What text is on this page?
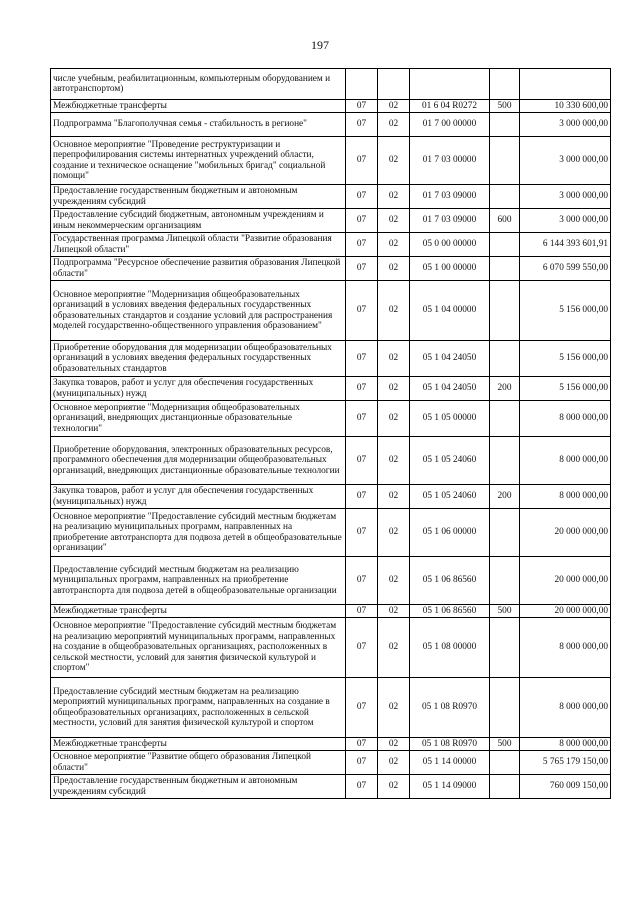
197
числе учебным, реабилитационным, компьютерным оборудованием и автотранспортом)					
Межбюджетные трансферты	07	02	01 6 04 R0272	500	10 330 600,00
Подпрограмма "Благополучная семья - стабильность в регионе"	07	02	01 7 00 00000		3 000 000,00
Основное мероприятие "Проведение реструктуризации и перепрофилирования системы интернатных учреждений области, создание и техническое оснащение "мобильных бригад" социальной помощи"	07	02	01 7 03 00000		3 000 000,00
Предоставление государственным бюджетным и автономным учреждениям субсидий	07	02	01 7 03 09000		3 000 000,00
Предоставление субсидий бюджетным, автономным учреждениям и иным некоммерческим организациям	07	02	01 7 03 09000	600	3 000 000,00
Государственная программа Липецкой области "Развитие образования Липецкой области"	07	02	05 0 00 00000		6 144 393 601,91
Подпрограмма "Ресурсное обеспечение развития образования Липецкой области"	07	02	05 1 00 00000		6 070 599 550,00
Основное мероприятие "Модернизация общеобразовательных организаций в условиях введения федеральных государственных образовательных стандартов и создание условий для распространения моделей государственно-общественного управления образованием"	07	02	05 1 04 00000		5 156 000,00
Приобретение оборудования для модернизации общеобразовательных организаций в условиях введения федеральных государственных образовательных стандартов	07	02	05 1 04 24050		5 156 000,00
Закупка товаров, работ и услуг для обеспечения государственных (муниципальных) нужд	07	02	05 1 04 24050	200	5 156 000,00
Основное мероприятие "Модернизация общеобразовательных организаций, внедряющих дистанционные образовательные технологии"	07	02	05 1 05 00000		8 000 000,00
Приобретение оборудования, электронных образовательных ресурсов, программного обеспечения для модернизации общеобразовательных организаций, внедряющих дистанционные образовательные технологии	07	02	05 1 05 24060		8 000 000,00
Закупка товаров, работ и услуг для обеспечения государственных (муниципальных) нужд	07	02	05 1 05 24060	200	8 000 000,00
Основное мероприятие "Предоставление субсидий местным бюджетам на реализацию муниципальных программ, направленных на приобретение автотранспорта для подвоза детей в общеобразовательные организации"	07	02	05 1 06 00000		20 000 000,00
Предоставление субсидий местным бюджетам на реализацию муниципальных программ, направленных на приобретение автотранспорта для подвоза детей в общеобразовательные организации	07	02	05 1 06 86560		20 000 000,00
Межбюджетные трансферты	07	02	05 1 06 86560	500	20 000 000,00
Основное мероприятие "Предоставление субсидий местным бюджетам на реализацию мероприятий муниципальных программ, направленных на создание в общеобразовательных организациях, расположенных в сельской местности, условий для занятия физической культурой и спортом"	07	02	05 1 08 00000		8 000 000,00
Предоставление субсидий местным бюджетам на реализацию мероприятий муниципальных программ, направленных на создание в общеобразовательных организациях, расположенных в сельской местности, условий для занятия физической культурой и спортом	07	02	05 1 08 R0970		8 000 000,00
Межбюджетные трансферты	07	02	05 1 08 R0970	500	8 000 000,00
Основное мероприятие "Развитие общего образования Липецкой области"	07	02	05 1 14 00000		5 765 179 150,00
Предоставление государственным бюджетным и автономным учреждениям субсидий	07	02	05 1 14 09000		760 009 150,00
